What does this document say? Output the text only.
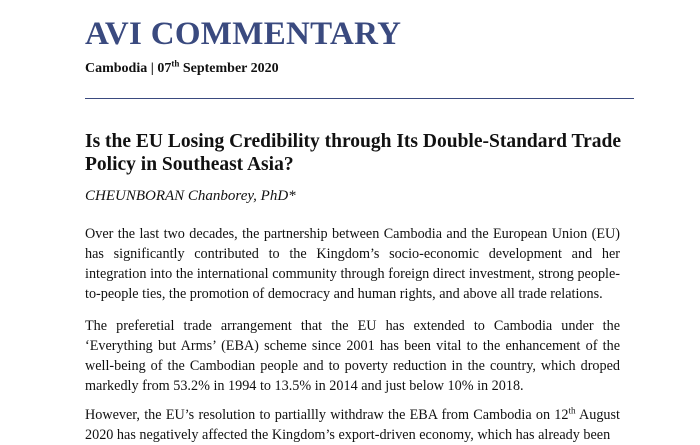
AVI COMMENTARY
Cambodia | 07th September 2020
Is the EU Losing Credibility through Its Double-Standard Trade Policy in Southeast Asia?
CHEUNBORAN Chanborey, PhD*
Over the last two decades, the partnership between Cambodia and the European Union (EU) has significantly contributed to the Kingdom’s socio-economic development and her integration into the international community through foreign direct investment, strong people-to-people ties, the promotion of democracy and human rights, and above all trade relations.
The preferetial trade arrangement that the EU has extended to Cambodia under the ‘Everything but Arms’ (EBA) scheme since 2001 has been vital to the enhancement of the well-being of the Cambodian people and to poverty reduction in the country, which droped markedly from 53.2% in 1994 to 13.5% in 2014 and just below 10% in 2018.
However, the EU’s resolution to partiallly withdraw the EBA from Cambodia on 12th August 2020 has negatively affected the Kingdom’s export-driven economy, which has already been
